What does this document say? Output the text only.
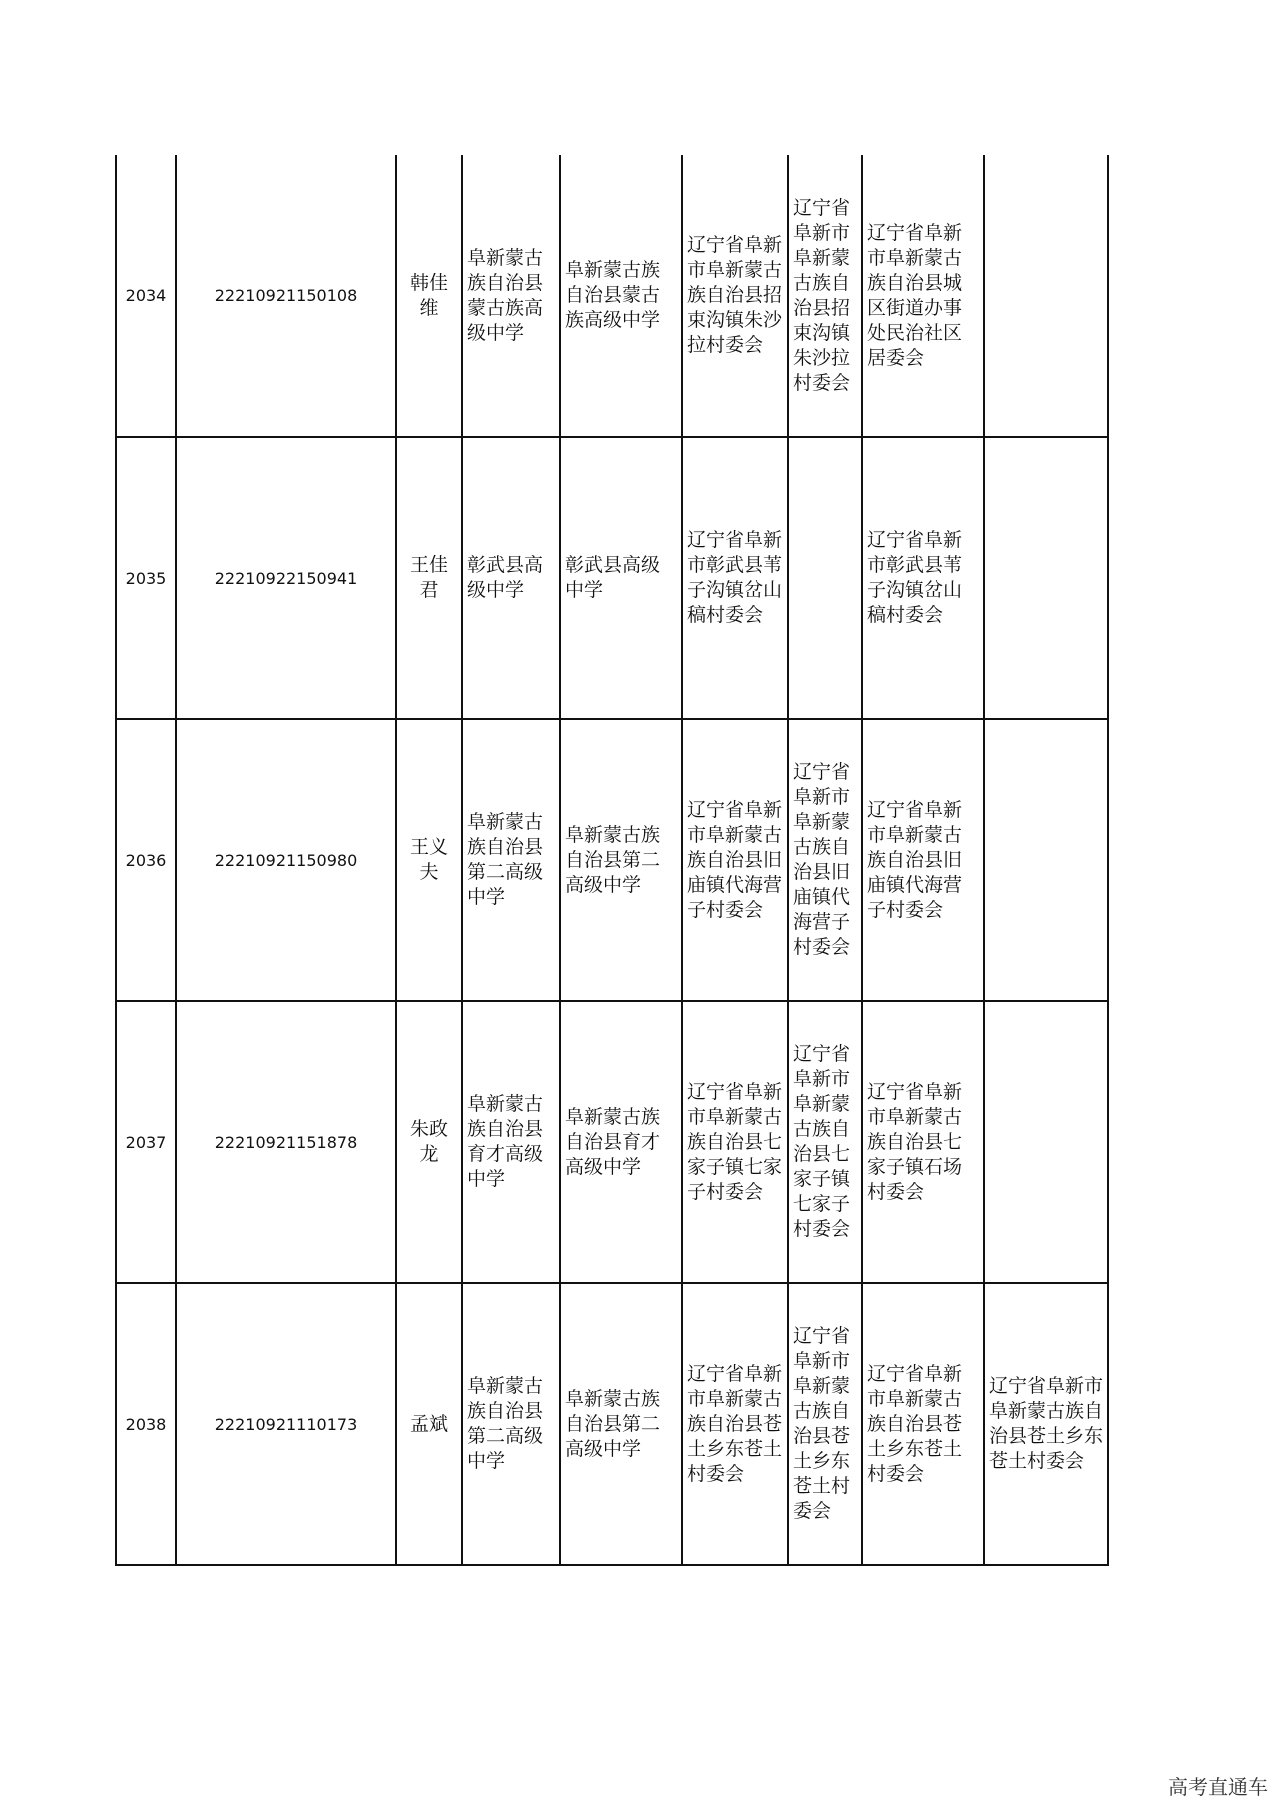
2034	22210921150108	韩佳维	阜新蒙古族自治县蒙古族高级中学	阜新蒙古族自治县蒙古族高级中学	辽宁省阜新市阜新蒙古族自治县招束沟镇朱沙拉村委会	辽宁省阜新市阜新蒙古族自治县招束沟镇朱沙拉村委会	辽宁省阜新市阜新蒙古族自治县城区街道办事处民治社区居委会	
2035	22210922150941	王佳君	彰武县高级中学	彰武县高级中学	辽宁省阜新市彰武县苇子沟镇岔山稿村委会		辽宁省阜新市彰武县苇子沟镇岔山稿村委会	
2036	22210921150980	王义夫	阜新蒙古族自治县第二高级中学	阜新蒙古族自治县第二高级中学	辽宁省阜新市阜新蒙古族自治县旧庙镇代海营子村委会	辽宁省阜新市阜新蒙古族自治县旧庙镇代海营子村委会	辽宁省阜新市阜新蒙古族自治县旧庙镇代海营子村委会	
2037	22210921151878	朱政龙	阜新蒙古族自治县育才高级中学	阜新蒙古族自治县育才高级中学	辽宁省阜新市阜新蒙古族自治县七家子镇七家子村委会	辽宁省阜新市阜新蒙古族自治县七家子镇七家子村委会	辽宁省阜新市阜新蒙古族自治县七家子镇石场村委会	
2038	22210921110173	孟斌	阜新蒙古族自治县第二高级中学	阜新蒙古族自治县第二高级中学	辽宁省阜新市阜新蒙古族自治县苍土乡东苍土村委会	辽宁省阜新市阜新蒙古族自治县苍土乡东苍土村委会	辽宁省阜新市阜新蒙古族自治县苍土乡东苍土村委会	辽宁省阜新市阜新蒙古族自治县苍土乡东苍土村委会
高考直通车
